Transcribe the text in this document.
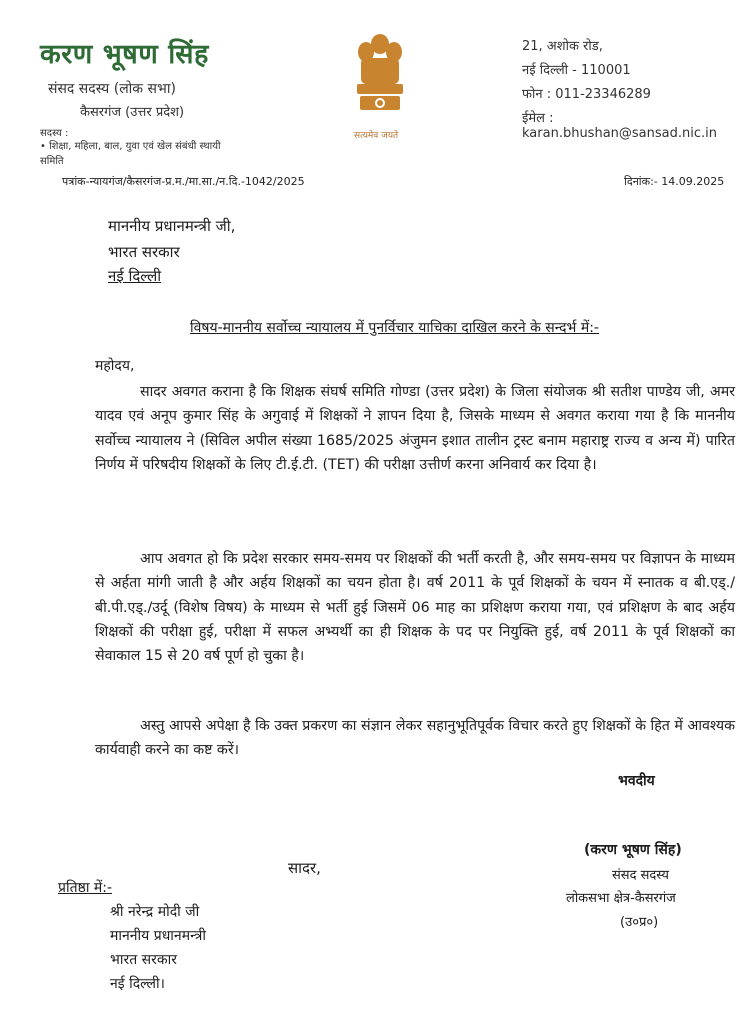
करण भूषण सिंह
संसद सदस्य (लोक सभा)
कैसरगंज (उत्तर प्रदेश)
सदस्य :
• शिक्षा, महिला, बाल, युवा एवं खेल संबंधी स्थायी समिति
सत्यमेव जयते
21, अशोक रोड,
नई दिल्ली - 110001
फोन : 011-23346289
ईमेल : karan.bhushan@sansad.nic.in
पत्रांक-न्यायगंज/कैसरगंज-प्र.म./मा.सा./न.दि.-1042/2025	दिनांक:- 14.09.2025
माननीय प्रधानमन्त्री जी,
भारत सरकार
नई दिल्ली
विषय-माननीय सर्वोच्च न्यायालय में पुनर्विचार याचिका दाखिल करने के सन्दर्भ में:-
महोदय,

सादर अवगत कराना है कि शिक्षक संघर्ष समिति गोण्डा (उत्तर प्रदेश) के जिला संयोजक श्री सतीश पाण्डेय जी, अमर यादव एवं अनूप कुमार सिंह के अगुवाई में शिक्षकों ने ज्ञापन दिया है, जिसके माध्यम से अवगत कराया गया है कि माननीय सर्वोच्च न्यायालय ने (सिविल अपील संख्या 1685/2025 अंजुमन इशात तालीन ट्रस्ट बनाम महाराष्ट्र राज्य व अन्य में) पारित निर्णय में परिषदीय शिक्षकों के लिए टी.ई.टी. (TET) की परीक्षा उत्तीर्ण करना अनिवार्य कर दिया है।

आप अवगत हो कि प्रदेश सरकार समय-समय पर शिक्षकों की भर्ती करती है, और समय-समय पर विज्ञापन के माध्यम से अर्हता मांगी जाती है और अर्हय शिक्षकों का चयन होता है। वर्ष 2011 के पूर्व शिक्षकों के चयन में स्नातक व बी.एड्./बी.पी.एड्./उर्दू (विशेष विषय) के माध्यम से भर्ती हुई जिसमें 06 माह का प्रशिक्षण कराया गया, एवं प्रशिक्षण के बाद अर्हय शिक्षकों की परीक्षा हुई, परीक्षा में सफल अभ्यर्थी का ही शिक्षक के पद पर नियुक्ति हुई, वर्ष 2011 के पूर्व शिक्षकों का सेवाकाल 15 से 20 वर्ष पूर्ण हो चुका है।

अस्तु आपसे अपेक्षा है कि उक्त प्रकरण का संज्ञान लेकर सहानुभूतिपूर्वक विचार करते हुए शिक्षकों के हित में आवश्यक कार्यवाही करने का कष्ट करें।

भवदीय
सादर,
(करण भूषण सिंह)
संसद सदस्य
लोकसभा क्षेत्र-कैसरगंज
(उ०प्र०)
प्रतिष्ठा में:-
श्री नरेन्द्र मोदी जी
माननीय प्रधानमन्त्री
भारत सरकार
नई दिल्ली।
